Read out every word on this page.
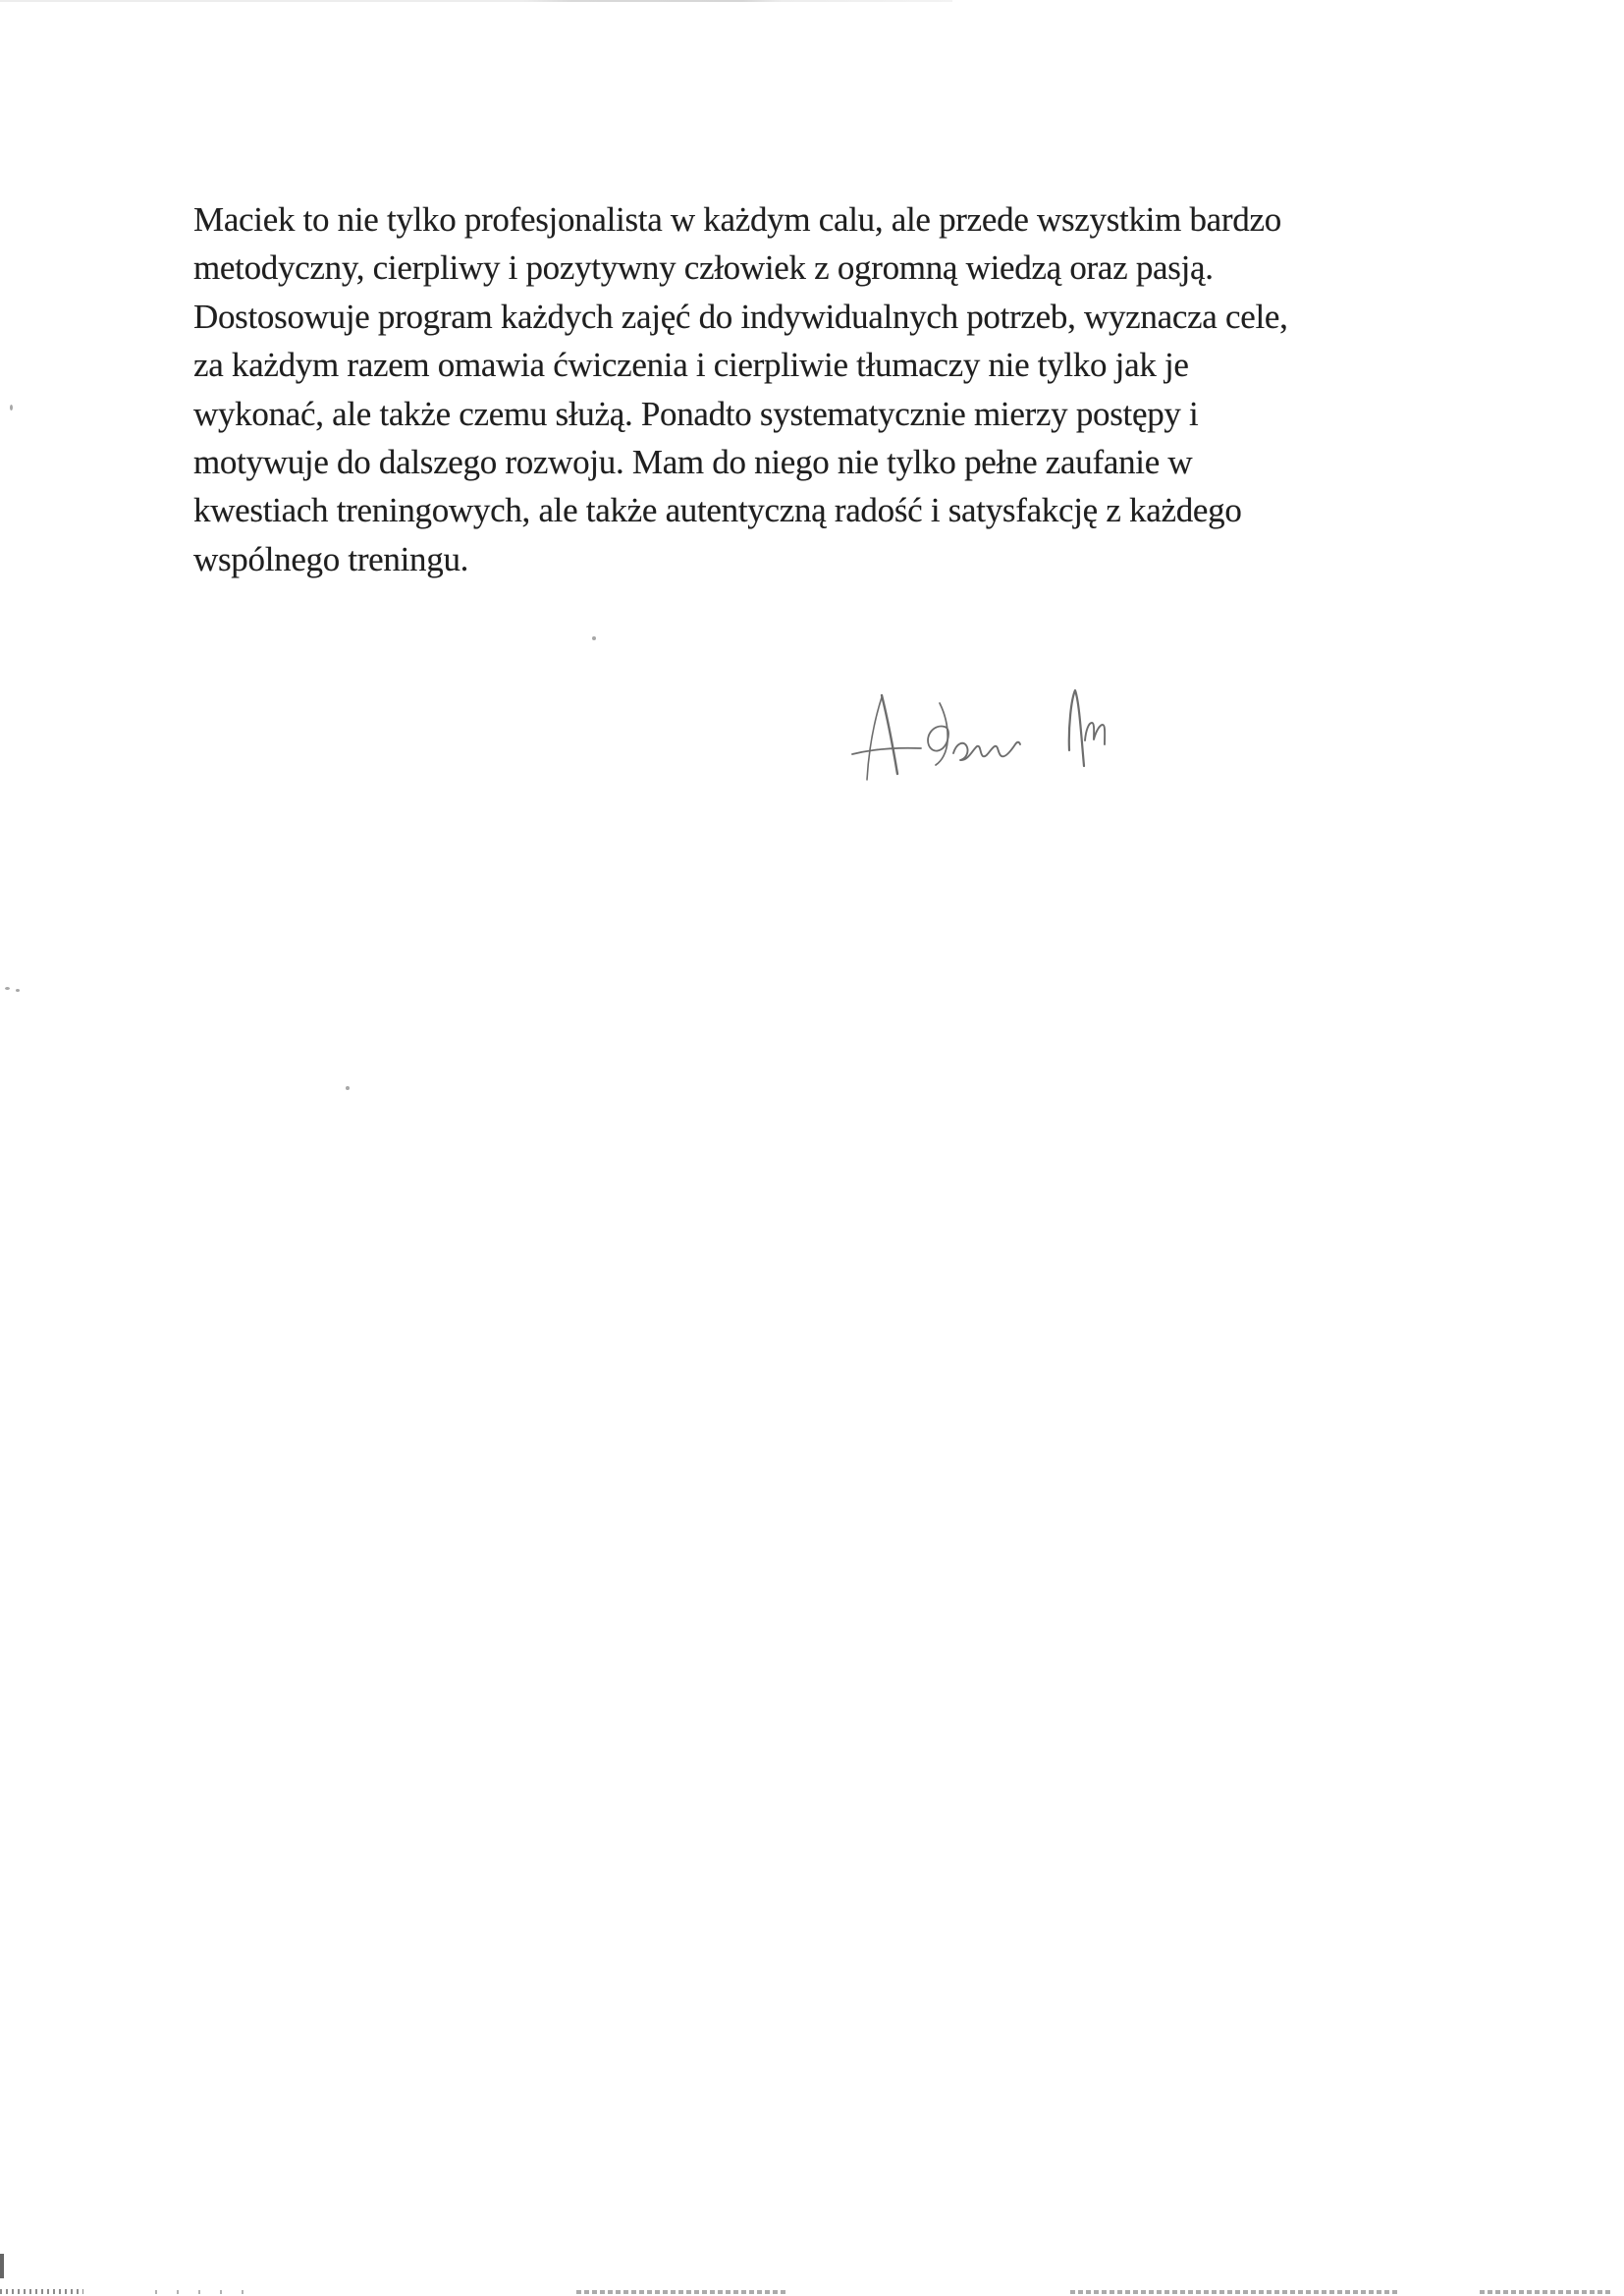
Maciek to nie tylko profesjonalista w każdym calu, ale przede wszystkim bardzo
metodyczny, cierpliwy i pozytywny człowiek z ogromną wiedzą oraz pasją.
Dostosowuje program każdych zajęć do indywidualnych potrzeb, wyznacza cele,
za każdym razem omawia ćwiczenia i cierpliwie tłumaczy nie tylko jak je
wykonać, ale także czemu służą. Ponadto systematycznie mierzy postępy i
motywuje do dalszego rozwoju. Mam do niego nie tylko pełne zaufanie w
kwestiach treningowych, ale także autentyczną radość i satysfakcję z każdego
wspólnego treningu.
